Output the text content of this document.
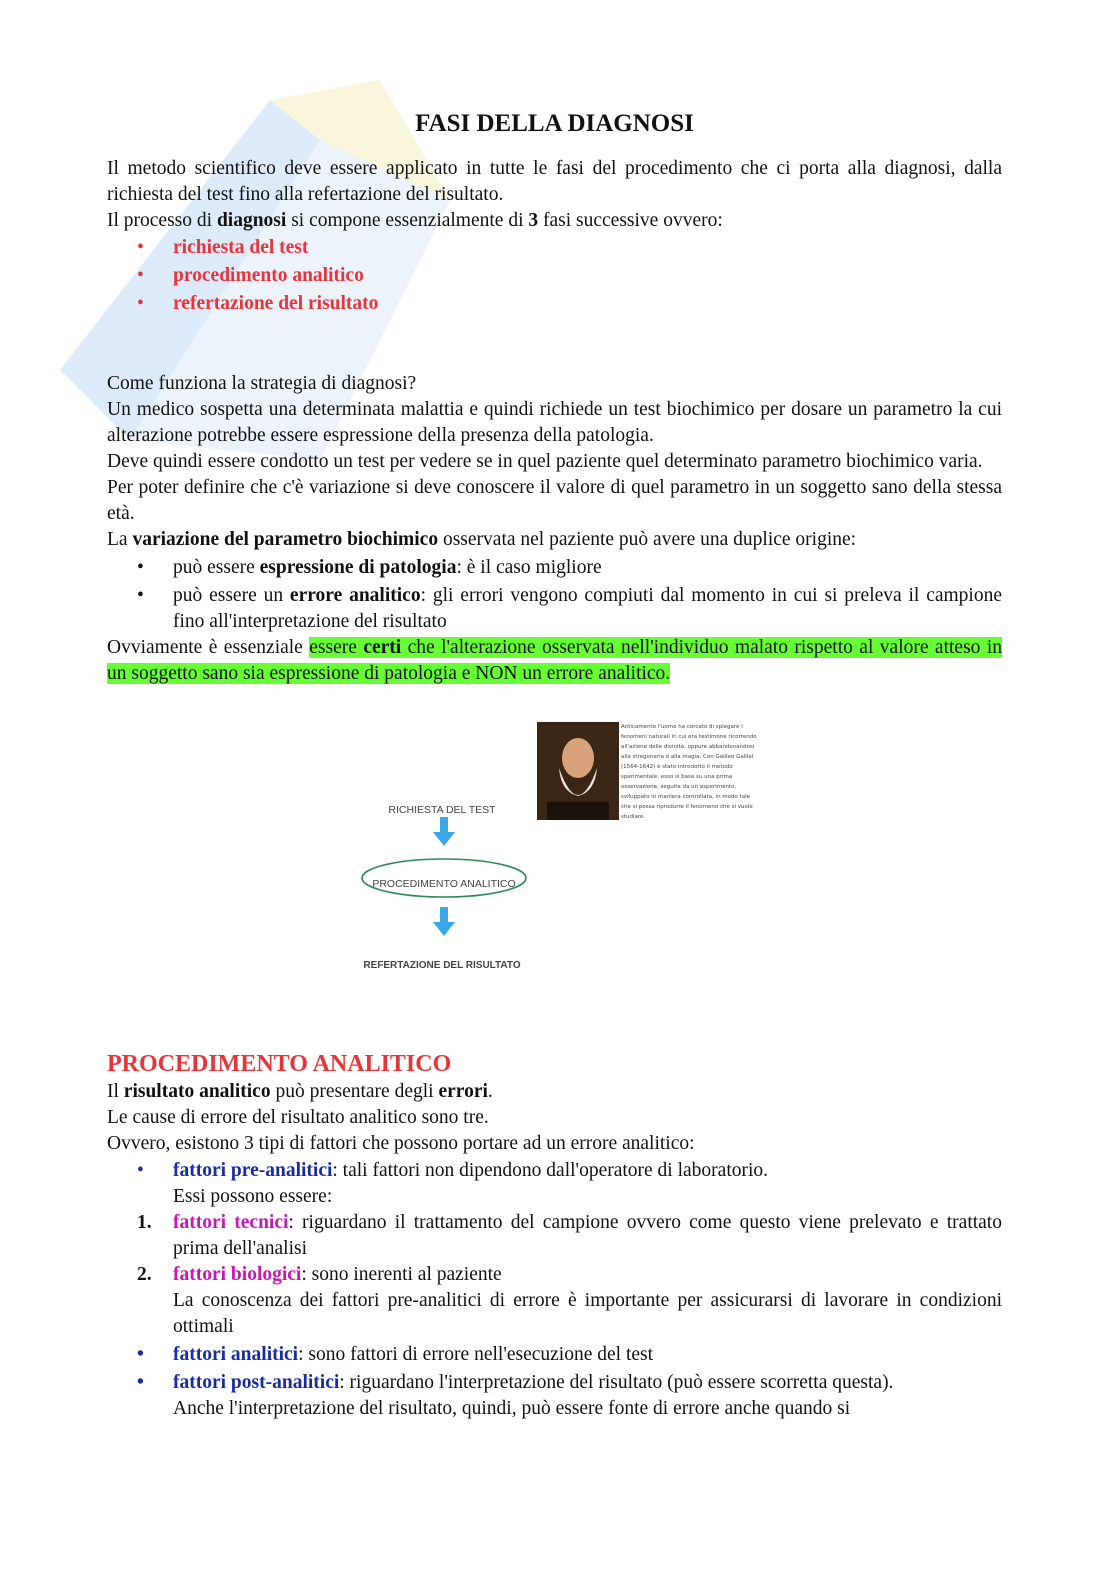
FASI DELLA DIAGNOSI

Il metodo scientifico deve essere applicato in tutte le fasi del procedimento che ci porta alla diagnosi, dalla richiesta del test fino alla refertazione del risultato.

Il processo di diagnosi si compone essenzialmente di 3 fasi successive ovvero:

• richiesta del test
• procedimento analitico
• refertazione del risultato

Come funziona la strategia di diagnosi?

Un medico sospetta una determinata malattia e quindi richiede un test biochimico per dosare un parametro la cui alterazione potrebbe essere espressione della presenza della patologia.

Deve quindi essere condotto un test per vedere se in quel paziente quel determinato parametro biochimico varia.

Per poter definire che c'è variazione si deve conoscere il valore di quel parametro in un soggetto sano della stessa età.

La variazione del parametro biochimico osservata nel paziente può avere una duplice origine:

• può essere espressione di patologia: è il caso migliore
• può essere un errore analitico: gli errori vengono compiuti dal momento in cui si preleva il campione fino all'interpretazione del risultato

Ovviamente è essenziale essere certi che l'alterazione osservata nell'individuo malato rispetto al valore atteso in un soggetto sano sia espressione di patologia e NON un errore analitico.

Anticamente l'uomo ha cercato di spiegare i fenomeni naturali in cui era testimone ricorrendo all'azione delle divinità, oppure abbandonandosi alla stregoneria o alla magia. Con Galileo Galilei (1564-1642) è stato introdotto il metodo sperimentale: esso si basa su una prima osservazione, seguita da un esperimento, sviluppato in maniera controllata, in modo tale che si possa riprodurre il fenomeno che si vuole studiare.
RICHIESTA DEL TEST
PROCEDIMENTO ANALITICO
REFERTAZIONE DEL RISULTATO
PROCEDIMENTO ANALITICO

Il risultato analitico può presentare degli errori.

Le cause di errore del risultato analitico sono tre.

Ovvero, esistono 3 tipi di fattori che possono portare ad un errore analitico:

• fattori pre-analitici: tali fattori non dipendono dall'operatore di laboratorio.
Essi possono essere:
1. fattori tecnici: riguardano il trattamento del campione ovvero come questo viene prelevato e trattato prima dell'analisi
2. fattori biologici: sono inerenti al paziente
La conoscenza dei fattori pre-analitici di errore è importante per assicurarsi di lavorare in condizioni ottimali
• fattori analitici: sono fattori di errore nell'esecuzione del test
• fattori post-analitici: riguardano l'interpretazione del risultato (può essere scorretta questa).
Anche l'interpretazione del risultato, quindi, può essere fonte di errore anche quando si
